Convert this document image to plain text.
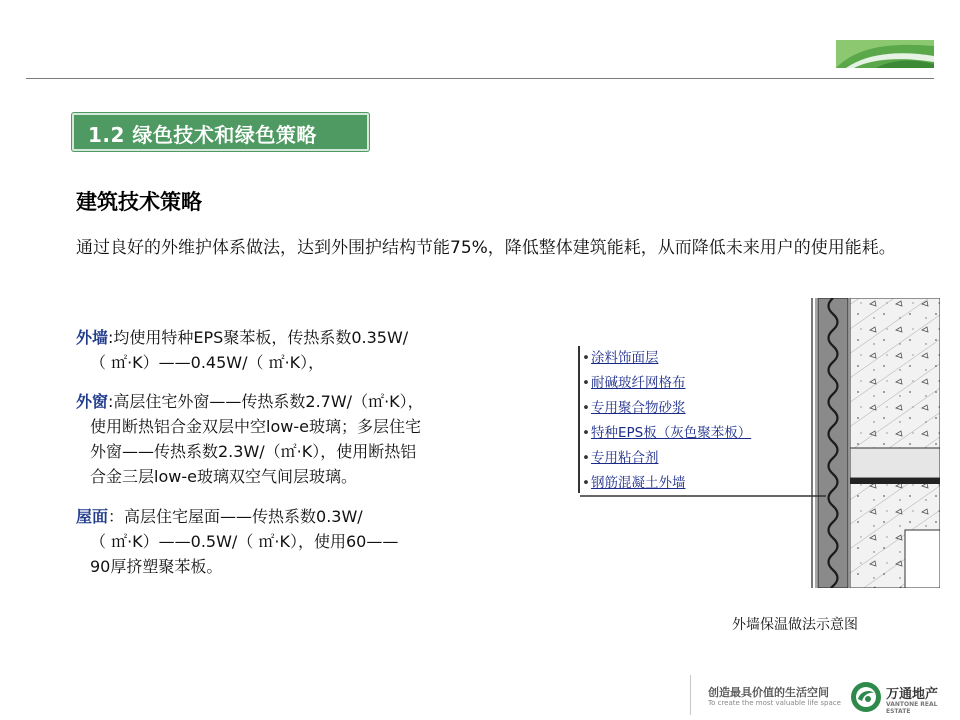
1.2 绿色技术和绿色策略
建筑技术策略
通过良好的外维护体系做法，达到外围护结构节能75%，降低整体建筑能耗，从而降低未来用户的使用能耗。
外墙:均使用特种EPS聚苯板，传热系数0.35W/
（ ㎡·K）——0.45W/（ ㎡·K），
外窗:高层住宅外窗——传热系数2.7W/（㎡·K），
使用断热铝合金双层中空low-e玻璃；多层住宅
外窗——传热系数2.3W/（㎡·K），使用断热铝
合金三层low-e玻璃双空气间层玻璃。
屋面：高层住宅屋面——传热系数0.3W/
（ ㎡·K）——0.5W/（ ㎡·K），使用60——
90厚挤塑聚苯板。
•涂料饰面层
•耐碱玻纤网格布
•专用聚合物砂浆
•特种EPS板（灰色聚苯板）
•专用粘合剂
•钢筋混凝土外墙
外墙保温做法示意图
创造最具价值的生活空间
To create the most valuable life space
万通地产
VANTONE REAL ESTATE
